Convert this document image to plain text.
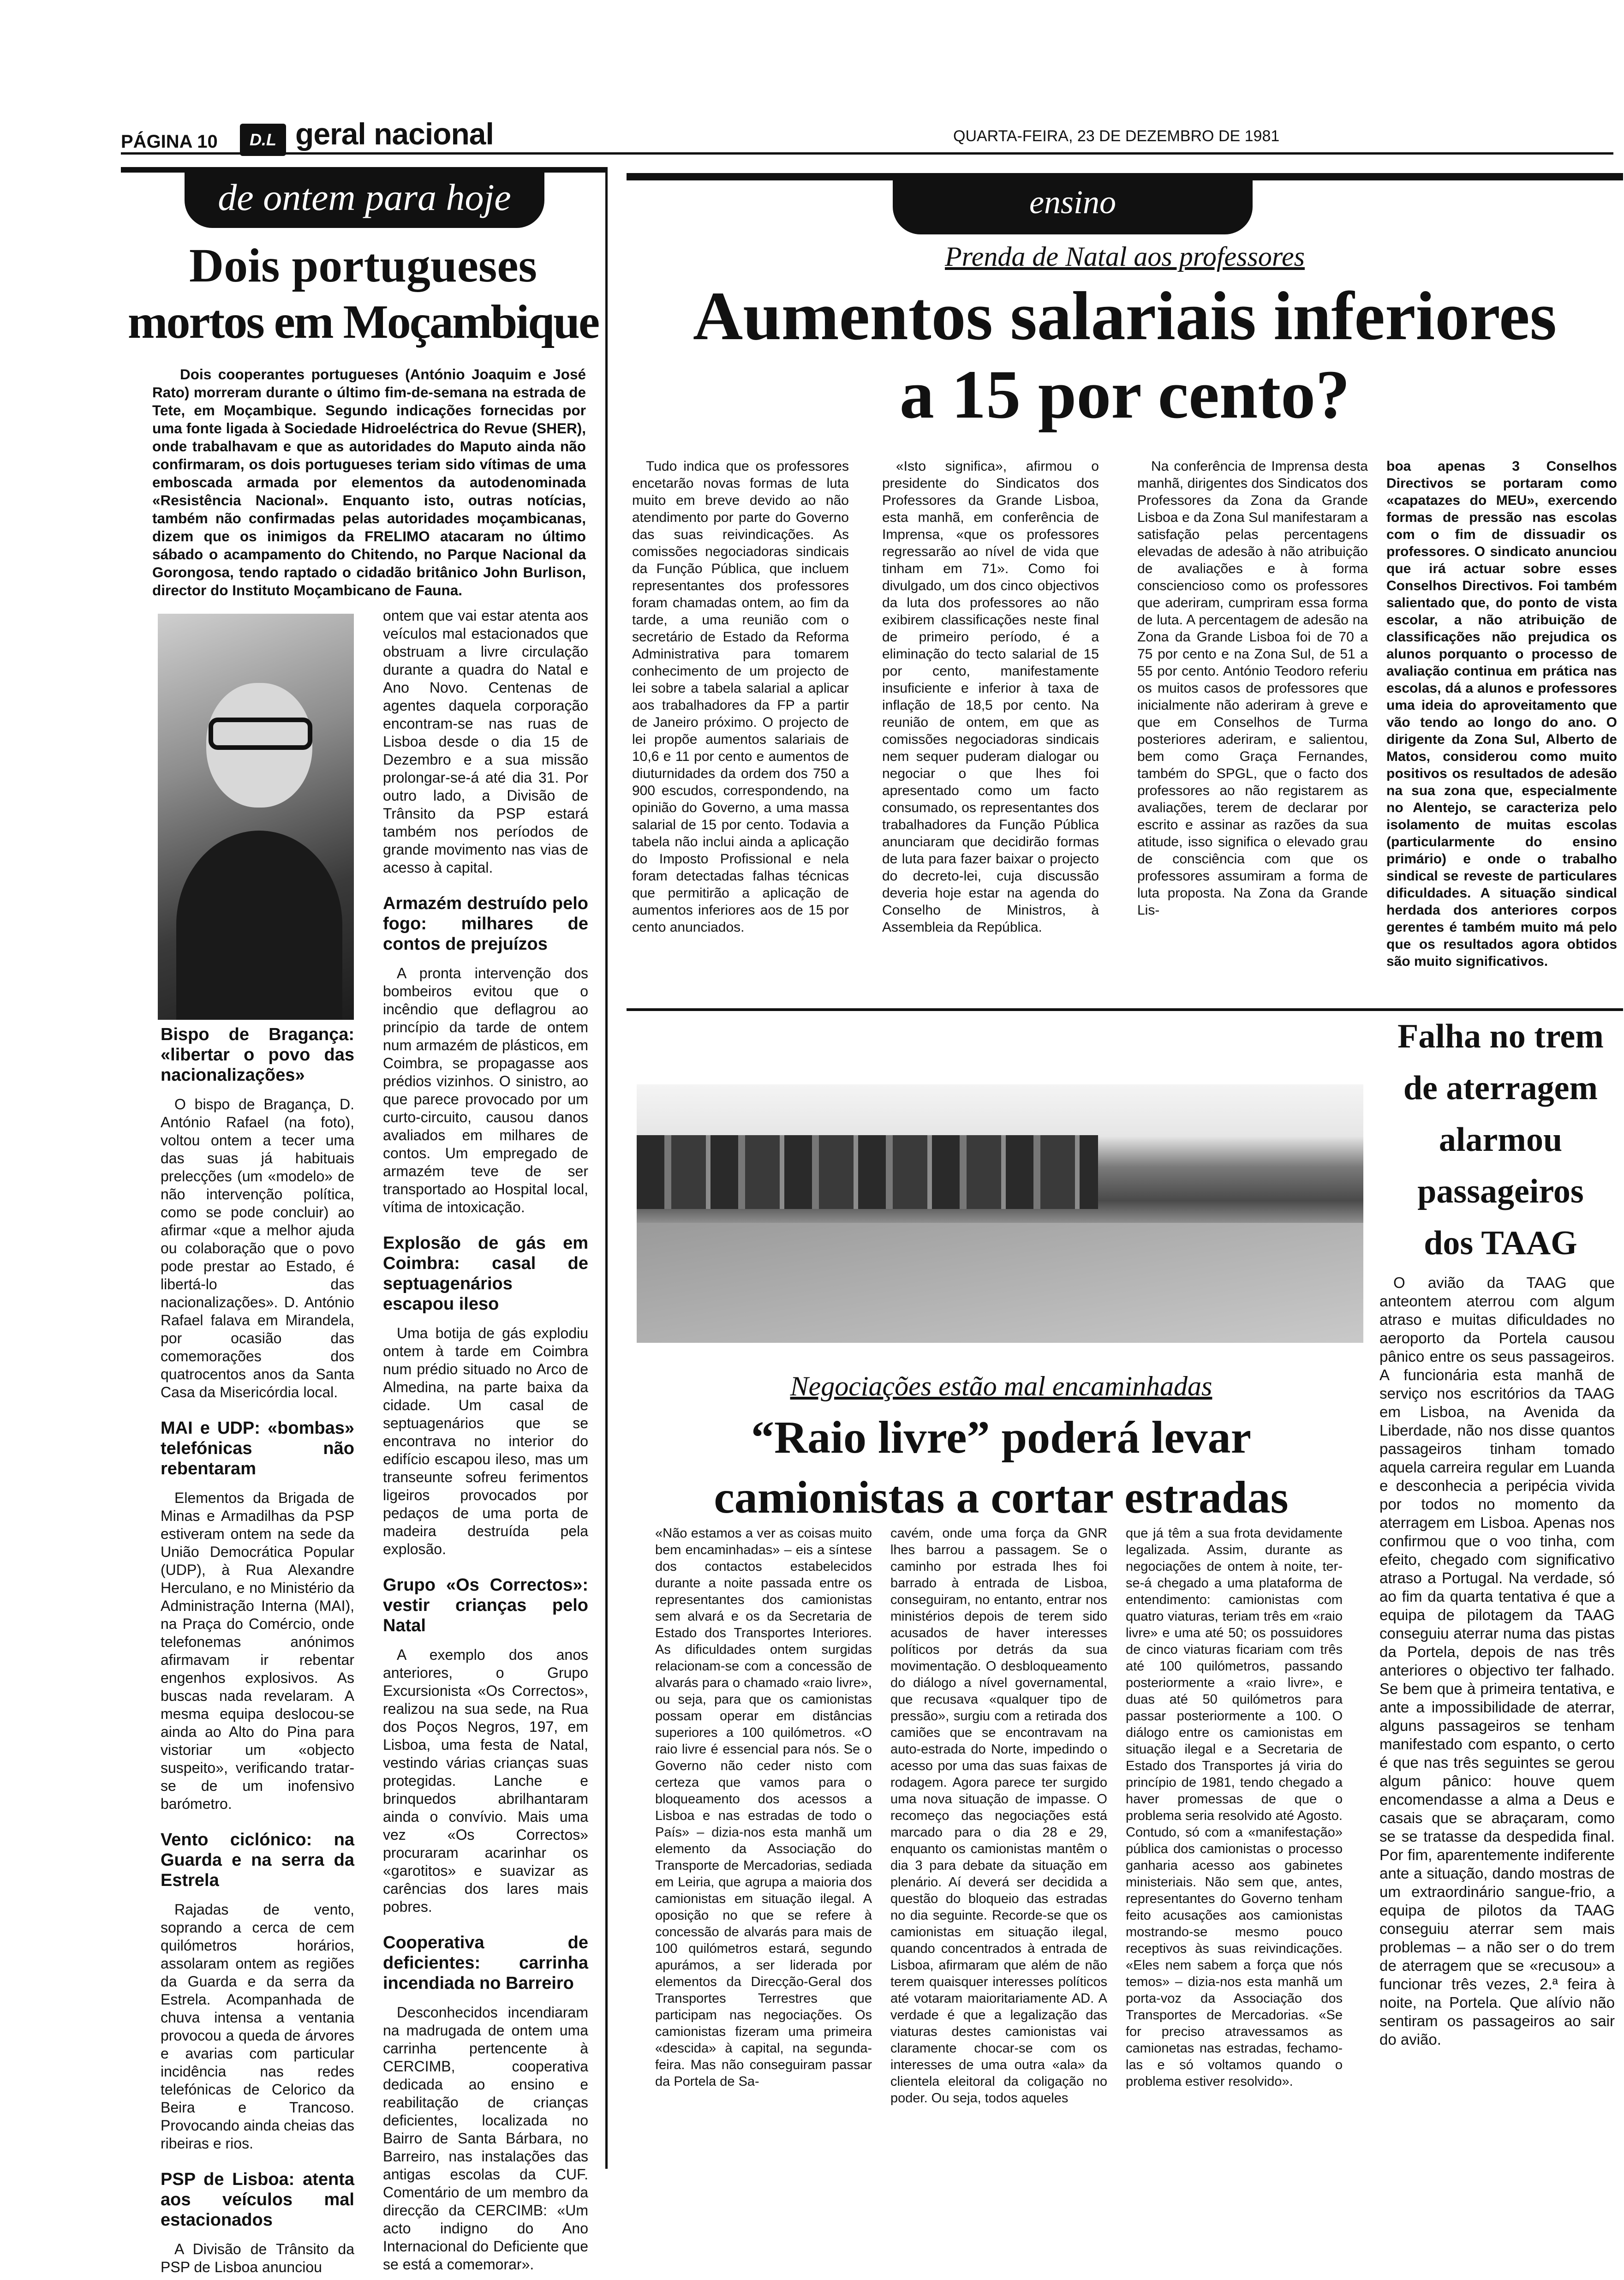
PÁGINA 10	D.L geral nacional	QUARTA-FEIRA, 23 DE DEZEMBRO DE 1981
de ontem para hoje
Dois portugueses
mortos em Moçambique
Dois cooperantes portugueses (António Joaquim e José Rato) morreram durante o último fim-de-semana na estrada de Tete, em Moçambique. Segundo indicações fornecidas por uma fonte ligada à Sociedade Hidroeléctrica do Revue (SHER), onde trabalhavam e que as autoridades do Maputo ainda não confirmaram, os dois portugueses teriam sido vítimas de uma emboscada armada por elementos da autodenominada «Resistência Nacional». Enquanto isto, outras notícias, também não confirmadas pelas autoridades moçambicanas, dizem que os inimigos da FRELIMO atacaram no último sábado o acampamento do Chitendo, no Parque Nacional da Gorongosa, tendo raptado o cidadão britânico John Burlison, director do Instituto Moçambicano de Fauna.
Bispo de Bragança: «libertar o povo das nacionalizações»

O bispo de Bragança, D. António Rafael (na foto), voltou ontem a tecer uma das suas já habituais prelecções (um «modelo» de não intervenção política, como se pode concluir) ao afirmar «que a melhor ajuda ou colaboração que o povo pode prestar ao Estado, é libertá-lo das nacionalizações». D. António Rafael falava em Mirandela, por ocasião das comemorações dos quatrocentos anos da Santa Casa da Misericórdia local.

MAI e UDP: «bombas» telefónicas não rebentaram

Elementos da Brigada de Minas e Armadilhas da PSP estiveram ontem na sede da União Democrática Popular (UDP), à Rua Alexandre Herculano, e no Ministério da Administração Interna (MAI), na Praça do Comércio, onde telefonemas anónimos afirmavam ir rebentar engenhos explosivos. As buscas nada revelaram. A mesma equipa deslocou-se ainda ao Alto do Pina para vistoriar um «objecto suspeito», verificando tratar-se de um inofensivo barómetro.

Vento ciclónico: na Guarda e na serra da Estrela

Rajadas de vento, soprando a cerca de cem quilómetros horários, assolaram ontem as regiões da Guarda e da serra da Estrela. Acompanhada de chuva intensa a ventania provocou a queda de árvores e avarias com particular incidência nas redes telefónicas de Celorico da Beira e Trancoso. Provocando ainda cheias das ribeiras e rios.

PSP de Lisboa: atenta aos veículos mal estacionados

A Divisão de Trânsito da PSP de Lisboa anunciou

ontem que vai estar atenta aos veículos mal estacionados que obstruam a livre circulação durante a quadra do Natal e Ano Novo. Centenas de agentes daquela corporação encontram-se nas ruas de Lisboa desde o dia 15 de Dezembro e a sua missão prolongar-se-á até dia 31. Por outro lado, a Divisão de Trânsito da PSP estará também nos períodos de grande movimento nas vias de acesso à capital.

Armazém destruído pelo fogo: milhares de contos de prejuízos

A pronta intervenção dos bombeiros evitou que o incêndio que deflagrou ao princípio da tarde de ontem num armazém de plásticos, em Coimbra, se propagasse aos prédios vizinhos. O sinistro, ao que parece provocado por um curto-circuito, causou danos avaliados em milhares de contos. Um empregado de armazém teve de ser transportado ao Hospital local, vítima de intoxicação.

Explosão de gás em Coimbra: casal de septuagenários escapou ileso

Uma botija de gás explodiu ontem à tarde em Coimbra num prédio situado no Arco de Almedina, na parte baixa da cidade. Um casal de septuagenários que se encontrava no interior do edifício escapou ileso, mas um transeunte sofreu ferimentos ligeiros provocados por pedaços de uma porta de madeira destruída pela explosão.

Grupo «Os Correctos»: vestir crianças pelo Natal

A exemplo dos anos anteriores, o Grupo Excursionista «Os Correctos», realizou na sua sede, na Rua dos Poços Negros, 197, em Lisboa, uma festa de Natal, vestindo várias crianças suas protegidas. Lanche e brinquedos abrilhantaram ainda o convívio. Mais uma vez «Os Correctos» procuraram acarinhar os «garotitos» e suavizar as carências dos lares mais pobres.

Cooperativa de deficientes: carrinha incendiada no Barreiro

Desconhecidos incendiaram na madrugada de ontem uma carrinha pertencente à CERCIMB, cooperativa dedicada ao ensino e reabilitação de crianças deficientes, localizada no Bairro de Santa Bárbara, no Barreiro, nas instalações das antigas escolas da CUF. Comentário de um membro da direcção da CERCIMB: «Um acto indigno do Ano Internacional do Deficiente que se está a comemorar».

ensino
Prenda de Natal aos professores
Aumentos salariais inferiores
a 15 por cento?

Tudo indica que os professores encetarão novas formas de luta muito em breve devido ao não atendimento por parte do Governo das suas reivindicações. As comissões negociadoras sindicais da Função Pública, que incluem representantes dos professores foram chamadas ontem, ao fim da tarde, a uma reunião com o secretário de Estado da Reforma Administrativa para tomarem conhecimento de um projecto de lei sobre a tabela salarial a aplicar aos trabalhadores da FP a partir de Janeiro próximo. O projecto de lei propõe aumentos salariais de 10,6 e 11 por cento e aumentos de diuturnidades da ordem dos 750 a 900 escudos, correspondendo, na opinião do Governo, a uma massa salarial de 15 por cento. Todavia a tabela não inclui ainda a aplicação do Imposto Profissional e nela foram detectadas falhas técnicas que permitirão a aplicação de aumentos inferiores aos de 15 por cento anunciados.

«Isto significa», afirmou o presidente do Sindicatos dos Professores da Grande Lisboa, esta manhã, em conferência de Imprensa, «que os professores regressarão ao nível de vida que tinham em 71». Como foi divulgado, um dos cinco objectivos da luta dos professores ao não exibirem classificações neste final de primeiro período, é a eliminação do tecto salarial de 15 por cento, manifestamente insuficiente e inferior à taxa de inflação de 18,5 por cento. Na reunião de ontem, em que as comissões negociadoras sindicais nem sequer puderam dialogar ou negociar o que lhes foi apresentado como um facto consumado, os representantes dos trabalhadores da Função Pública anunciaram que decidirão formas de luta para fazer baixar o projecto do decreto-lei, cuja discussão deveria hoje estar na agenda do Conselho de Ministros, à Assembleia da República.

Na conferência de Imprensa desta manhã, dirigentes dos Sindicatos dos Professores da Zona da Grande Lisboa e da Zona Sul manifestaram a satisfação pelas percentagens elevadas de adesão à não atribuição de avaliações e à forma consciencioso como os professores que aderiram, cumpriram essa forma de luta. A percentagem de adesão na Zona da Grande Lisboa foi de 70 a 75 por cento e na Zona Sul, de 51 a 55 por cento. António Teodoro referiu os muitos casos de professores que inicialmente não aderiram à greve e que em Conselhos de Turma posteriores aderiram, e salientou, bem como Graça Fernandes, também do SPGL, que o facto dos professores ao não registarem as avaliações, terem de declarar por escrito e assinar as razões da sua atitude, isso significa o elevado grau de consciência com que os professores assumiram a forma de luta proposta. Na Zona da Grande Lis-

boa apenas 3 Conselhos Directivos se portaram como «capatazes do MEU», exercendo formas de pressão nas escolas com o fim de dissuadir os professores. O sindicato anunciou que irá actuar sobre esses Conselhos Directivos. Foi também salientado que, do ponto de vista escolar, a não atribuição de classificações não prejudica os alunos porquanto o processo de avaliação continua em prática nas escolas, dá a alunos e professores uma ideia do aproveitamento que vão tendo ao longo do ano. O dirigente da Zona Sul, Alberto de Matos, considerou como muito positivos os resultados de adesão na sua zona que, especialmente no Alentejo, se caracteriza pelo isolamento de muitas escolas (particularmente do ensino primário) e onde o trabalho sindical se reveste de particulares dificuldades. A situação sindical herdada dos anteriores corpos gerentes é também muito má pelo que os resultados agora obtidos são muito significativos.

Negociações estão mal encaminhadas
“Raio livre” poderá levar
camionistas a cortar estradas

«Não estamos a ver as coisas muito bem encaminhadas» – eis a síntese dos contactos estabelecidos durante a noite passada entre os representantes dos camionistas sem alvará e os da Secretaria de Estado dos Transportes Interiores. As dificuldades ontem surgidas relacionam-se com a concessão de alvarás para o chamado «raio livre», ou seja, para que os camionistas possam operar em distâncias superiores a 100 quilómetros. «O raio livre é essencial para nós. Se o Governo não ceder nisto com certeza que vamos para o bloqueamento dos acessos a Lisboa e nas estradas de todo o País» – dizia-nos esta manhã um elemento da Associação do Transporte de Mercadorias, sediada em Leiria, que agrupa a maioria dos camionistas em situação ilegal. A oposição no que se refere à concessão de alvarás para mais de 100 quilómetros estará, segundo apurámos, a ser liderada por elementos da Direcção-Geral dos Transportes Terrestres que participam nas negociações. Os camionistas fizeram uma primeira «descida» à capital, na segunda-feira. Mas não conseguiram passar da Portela de Sa-

cavém, onde uma força da GNR lhes barrou a passagem. Se o caminho por estrada lhes foi barrado à entrada de Lisboa, conseguiram, no entanto, entrar nos ministérios depois de terem sido acusados de haver interesses políticos por detrás da sua movimentação. O desbloqueamento do diálogo a nível governamental, que recusava «qualquer tipo de pressão», surgiu com a retirada dos camiões que se encontravam na auto-estrada do Norte, impedindo o acesso por uma das suas faixas de rodagem. Agora parece ter surgido uma nova situação de impasse. O recomeço das negociações está marcado para o dia 28 e 29, enquanto os camionistas mantêm o dia 3 para debate da situação em plenário. Aí deverá ser decidida a questão do bloqueio das estradas no dia seguinte. Recorde-se que os camionistas em situação ilegal, quando concentrados à entrada de Lisboa, afirmaram que além de não terem quaisquer interesses políticos até votaram maioritariamente AD. A verdade é que a legalização das viaturas destes camionistas vai claramente chocar-se com os interesses de uma outra «ala» da clientela eleitoral da coligação no poder. Ou seja, todos aqueles

que já têm a sua frota devidamente legalizada. Assim, durante as negociações de ontem à noite, ter-se-á chegado a uma plataforma de entendimento: camionistas com quatro viaturas, teriam três em «raio livre» e uma até 50; os possuidores de cinco viaturas ficariam com três até 100 quilómetros, passando posteriormente a «raio livre», e duas até 50 quilómetros para passar posteriormente a 100. O diálogo entre os camionistas em situação ilegal e a Secretaria de Estado dos Transportes já viria do princípio de 1981, tendo chegado a haver promessas de que o problema seria resolvido até Agosto. Contudo, só com a «manifestação» pública dos camionistas o processo ganharia acesso aos gabinetes ministeriais. Não sem que, antes, representantes do Governo tenham feito acusações aos camionistas mostrando-se mesmo pouco receptivos às suas reivindicações. «Eles nem sabem a força que nós temos» – dizia-nos esta manhã um porta-voz da Associação dos Transportes de Mercadorias. «Se for preciso atravessamos as camionetas nas estradas, fechamo-las e só voltamos quando o problema estiver resolvido».

Falha no trem
de aterragem
alarmou
passageiros
dos TAAG

O avião da TAAG que anteontem aterrou com algum atraso e muitas dificuldades no aeroporto da Portela causou pânico entre os seus passageiros. A funcionária esta manhã de serviço nos escritórios da TAAG em Lisboa, na Avenida da Liberdade, não nos disse quantos passageiros tinham tomado aquela carreira regular em Luanda e desconhecia a peripécia vivida por todos no momento da aterragem em Lisboa. Apenas nos confirmou que o voo tinha, com efeito, chegado com significativo atraso a Portugal. Na verdade, só ao fim da quarta tentativa é que a equipa de pilotagem da TAAG conseguiu aterrar numa das pistas da Portela, depois de nas três anteriores o objectivo ter falhado. Se bem que à primeira tentativa, e ante a impossibilidade de aterrar, alguns passageiros se tenham manifestado com espanto, o certo é que nas três seguintes se gerou algum pânico: houve quem encomendasse a alma a Deus e casais que se abraçaram, como se se tratasse da despedida final. Por fim, aparentemente indiferente ante a situação, dando mostras de um extraordinário sangue-frio, a equipa de pilotos da TAAG conseguiu aterrar sem mais problemas – a não ser o do trem de aterragem que se «recusou» a funcionar três vezes, 2.ª feira à noite, na Portela. Que alívio não sentiram os passageiros ao sair do avião.
